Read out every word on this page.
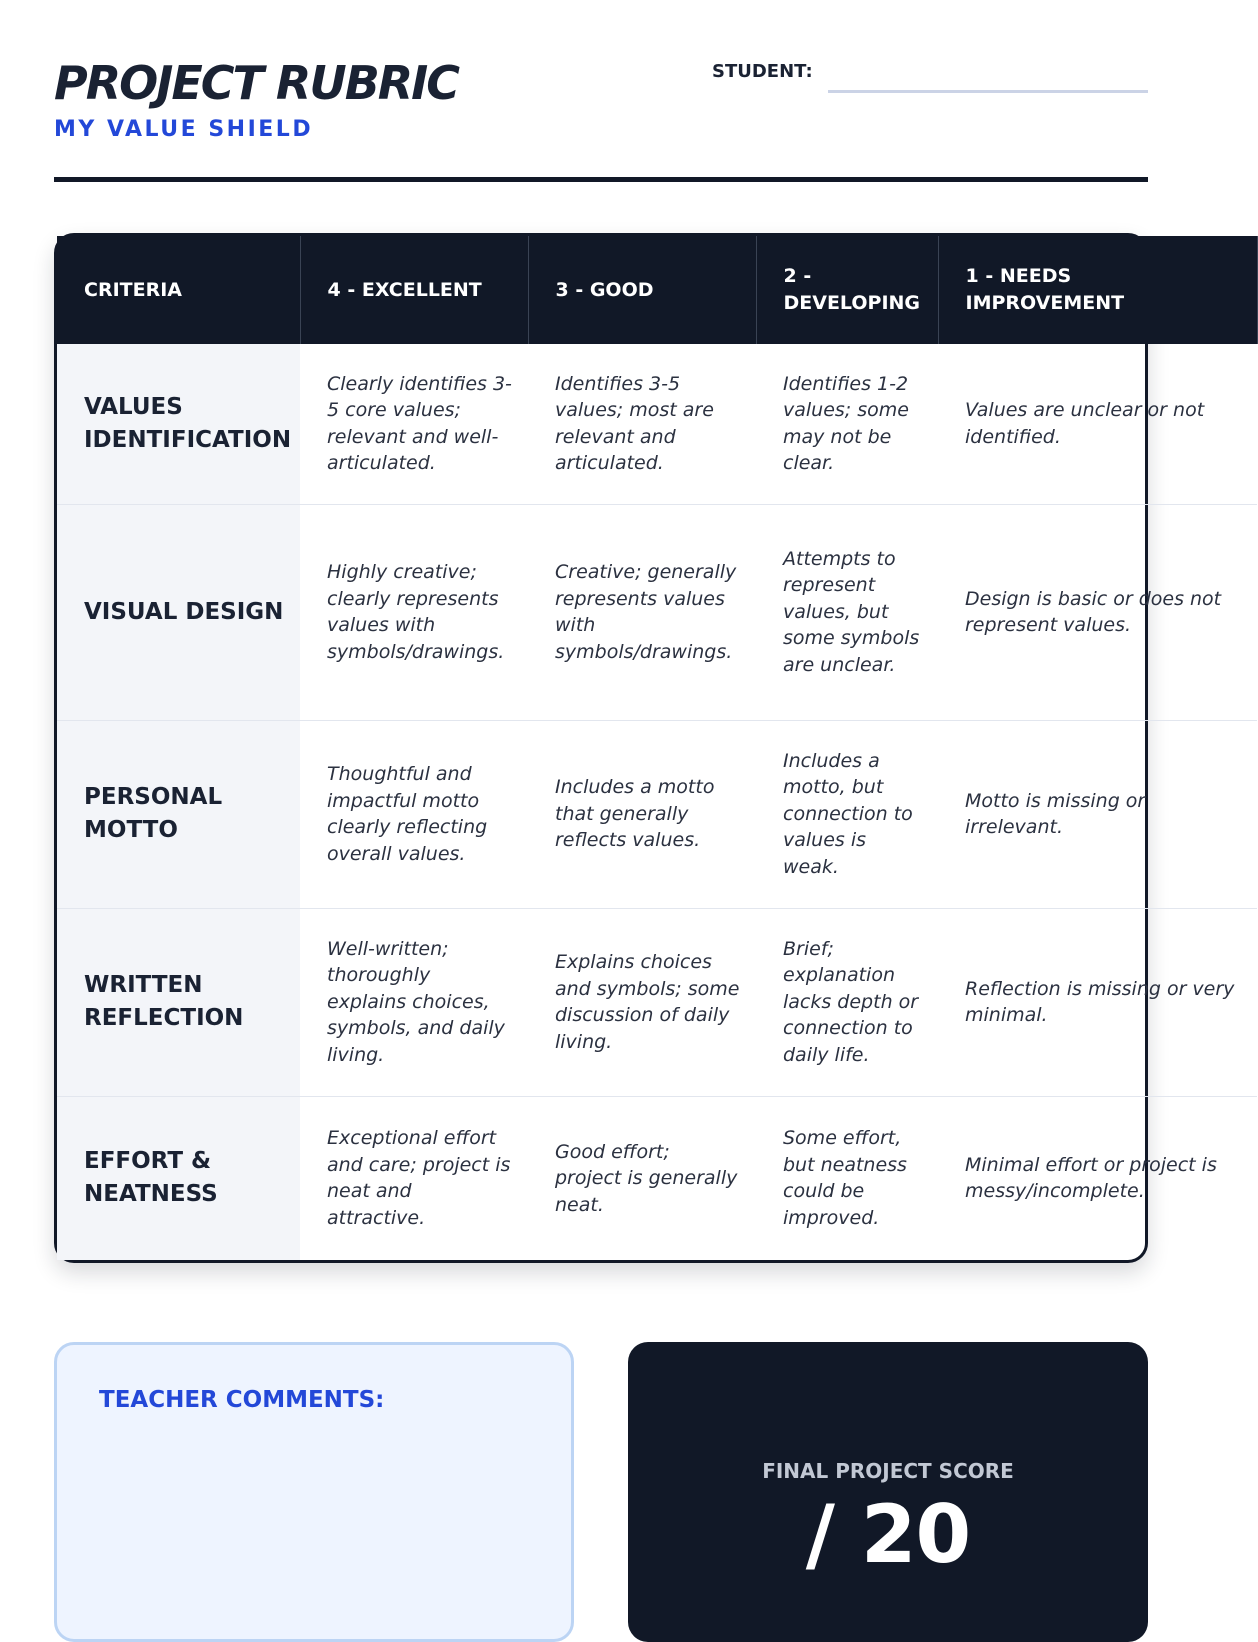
PROJECT RUBRIC
MY VALUE SHIELD
STUDENT:
CRITERIA	4 - EXCELLENT	3 - GOOD	2 - DEVELOPING	1 - NEEDS IMPROVEMENT
VALUES IDENTIFICATION	Clearly identifies 3-5 core values; relevant and well-articulated.	Identifies 3-5 values; most are relevant and articulated.	Identifies 1-2 values; some may not be clear.	Values are unclear or not identified.
VISUAL DESIGN	Highly creative; clearly represents values with symbols/drawings.	Creative; generally represents values with symbols/drawings.	Attempts to represent values, but some symbols are unclear.	Design is basic or does not represent values.
PERSONAL MOTTO	Thoughtful and impactful motto clearly reflecting overall values.	Includes a motto that generally reflects values.	Includes a motto, but connection to values is weak.	Motto is missing or irrelevant.
WRITTEN REFLECTION	Well-written; thoroughly explains choices, symbols, and daily living.	Explains choices and symbols; some discussion of daily living.	Brief; explanation lacks depth or connection to daily life.	Reflection is missing or very minimal.
EFFORT & NEATNESS	Exceptional effort and care; project is neat and attractive.	Good effort; project is generally neat.	Some effort, but neatness could be improved.	Minimal effort or project is messy/incomplete.
TEACHER COMMENTS:
FINAL PROJECT SCORE
/ 20
